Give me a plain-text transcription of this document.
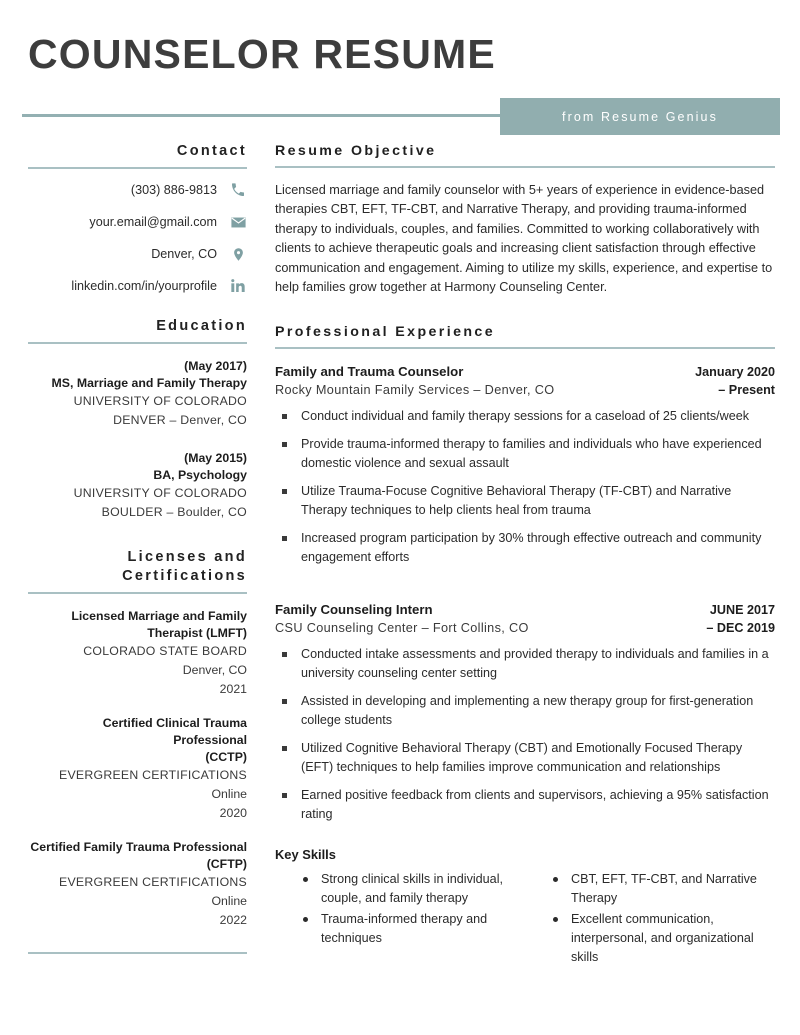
COUNSELOR RESUME
from Resume Genius
Contact
(303) 886-9813
your.email@gmail.com
Denver, CO
linkedin.com/in/yourprofile
Education
(May 2017)
MS, Marriage and Family Therapy
UNIVERSITY OF COLORADO
DENVER – Denver, CO
(May 2015)
BA, Psychology
UNIVERSITY OF COLORADO
BOULDER – Boulder, CO
Licenses and
Certifications
Licensed Marriage and Family
Therapist (LMFT)
COLORADO STATE BOARD
Denver, CO
2021
Certified Clinical Trauma Professional
(CCTP)
EVERGREEN CERTIFICATIONS
Online
2020
Certified Family Trauma Professional
(CFTP)
EVERGREEN CERTIFICATIONS
Online
2022
Resume Objective

Licensed marriage and family counselor with 5+ years of experience in evidence-based therapies CBT, EFT, TF-CBT, and Narrative Therapy, and providing trauma-informed therapy to individuals, couples, and families. Committed to working collaboratively with clients to achieve therapeutic goals and increasing client satisfaction through effective communication and engagement. Aiming to utilize my skills, experience, and expertise to help families grow together at Harmony Counseling Center.

Professional Experience
Family and Trauma Counselor
Rocky Mountain Family Services – Denver, CO
January 2020
– Present
Conduct individual and family therapy sessions for a caseload of 25 clients/week
Provide trauma-informed therapy to families and individuals who have experienced domestic violence and sexual assault
Utilize Trauma-Focuse Cognitive Behavioral Therapy (TF-CBT) and Narrative Therapy techniques to help clients heal from trauma
Increased program participation by 30% through effective outreach and community engagement efforts
Family Counseling Intern
CSU Counseling Center – Fort Collins, CO
JUNE 2017
– DEC 2019
Conducted intake assessments and provided therapy to individuals and families in a university counseling center setting
Assisted in developing and implementing a new therapy group for first-generation college students
Utilized Cognitive Behavioral Therapy (CBT) and Emotionally Focused Therapy (EFT) techniques to help families improve communication and relationships
Earned positive feedback from clients and supervisors, achieving a 95% satisfaction rating
Key Skills
Strong clinical skills in individual, couple, and family therapy
Trauma-informed therapy and techniques
CBT, EFT, TF-CBT, and Narrative Therapy
Excellent communication, interpersonal, and organizational skills
